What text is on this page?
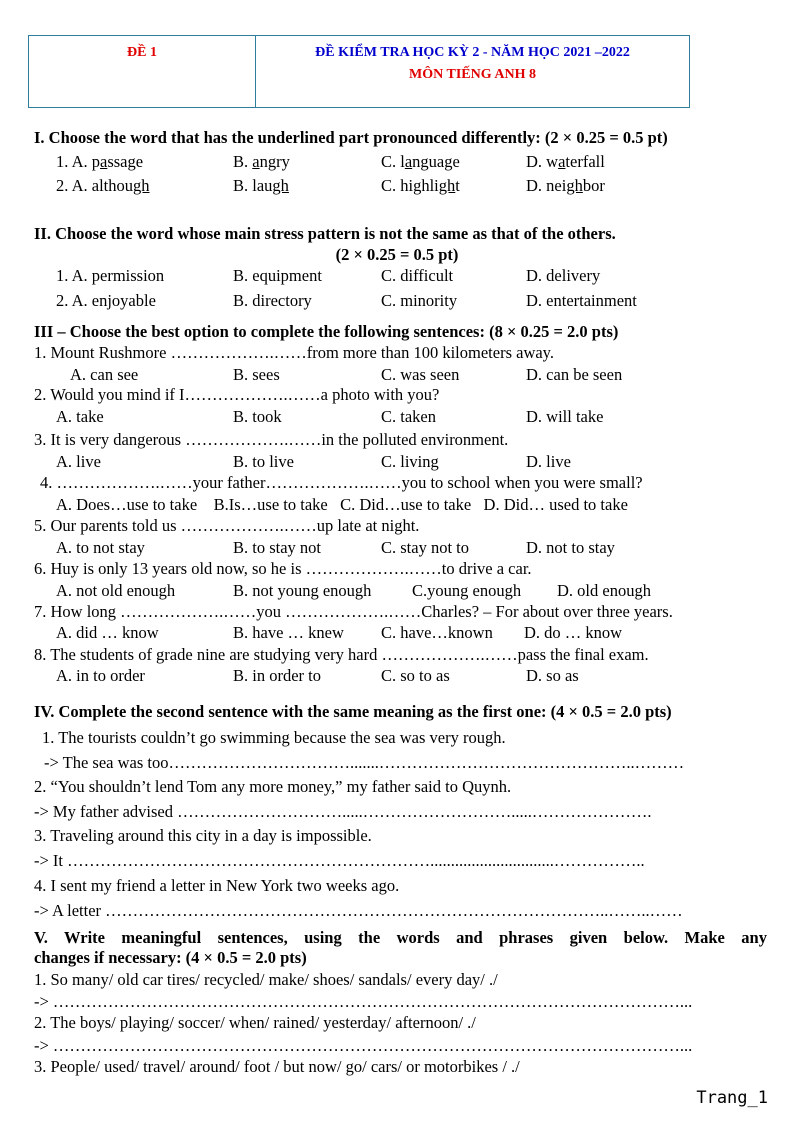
ĐỀ 1	ĐỀ KIỂM TRA HỌC KỲ 2 - NĂM HỌC 2021 –2022
MÔN TIẾNG ANH 8
I. Choose the word that has the underlined part pronounced differently: (2 × 0.25 = 0.5 pt)
1. A. passage	B. angry	C. language	D. waterfall
2. A. although	B. laugh	C. highlight	D. neighbor
II. Choose the word whose main stress pattern is not the same as that of the others.
(2 × 0.25 = 0.5 pt)
1. A. permission	B. equipment	C. difficult	D. delivery
2. A. enjoyable	B. directory	C. minority	D. entertainment
III – Choose the best option to complete the following sentences: (8 × 0.25 = 2.0 pts)
1. Mount Rushmore ……………….……from more than 100 kilometers away.
A. can see	B. sees	C. was seen	D. can be seen
2. Would you mind if I……………….……a photo with you?
A. take	B. took	C. taken	D. will take
3. It is very dangerous ……………….……in the polluted environment.
A. live	B. to live	C. living	D. live
4. ……………….……your father……………….……you to school when you were small?
A. Does…use to take    B.Is…use to take   C. Did…use to take   D. Did… used to take
5. Our parents told us ……………….……up late at night.
A. to not stay	B. to stay not	C. stay not to	D. not to stay
6. Huy is only 13 years old now, so he is ……………….……to drive a car.
A. not old enough	B. not young enough C.young enough D. old enough
7. How long ……………….……you ……………….……Charles? – For about over three years.
A. did … know	B. have … knew C. have…known D. do … know
8. The students of grade nine are studying very hard ……………….……pass the final exam.
A. in to order	B. in order to	C. so to as	D. so as
IV. Complete the second sentence with the same meaning as the first one: (4 × 0.5 = 2.0 pts)
1. The tourists couldn’t go swimming because the sea was very rough.
-> The sea was too…………………………….......………………………………………..………
2. “You shouldn’t lend Tom any more money,” my father said to Quynh.
-> My father advised ………………………….....……………………….....………………….
3. Traveling around this city in a day is impossible.
-> It …………………………………………………………..............................……………..
4. I sent my friend a letter in New York two weeks ago.
-> A letter ………………………………………………………………………………..……..……
V. Write meaningful sentences, using the words and phrases given below. Make any
changes if necessary: (4 × 0.5 = 2.0 pts)
1. So many/ old car tires/ recycled/ make/ shoes/ sandals/ every day/ ./
-> ……………………………………………………………………………………………………...
2. The boys/ playing/ soccer/ when/ rained/ yesterday/ afternoon/ ./
-> ……………………………………………………………………………………………………...
3. People/ used/ travel/ around/ foot / but now/ go/ cars/ or motorbikes / ./
Trang_1
